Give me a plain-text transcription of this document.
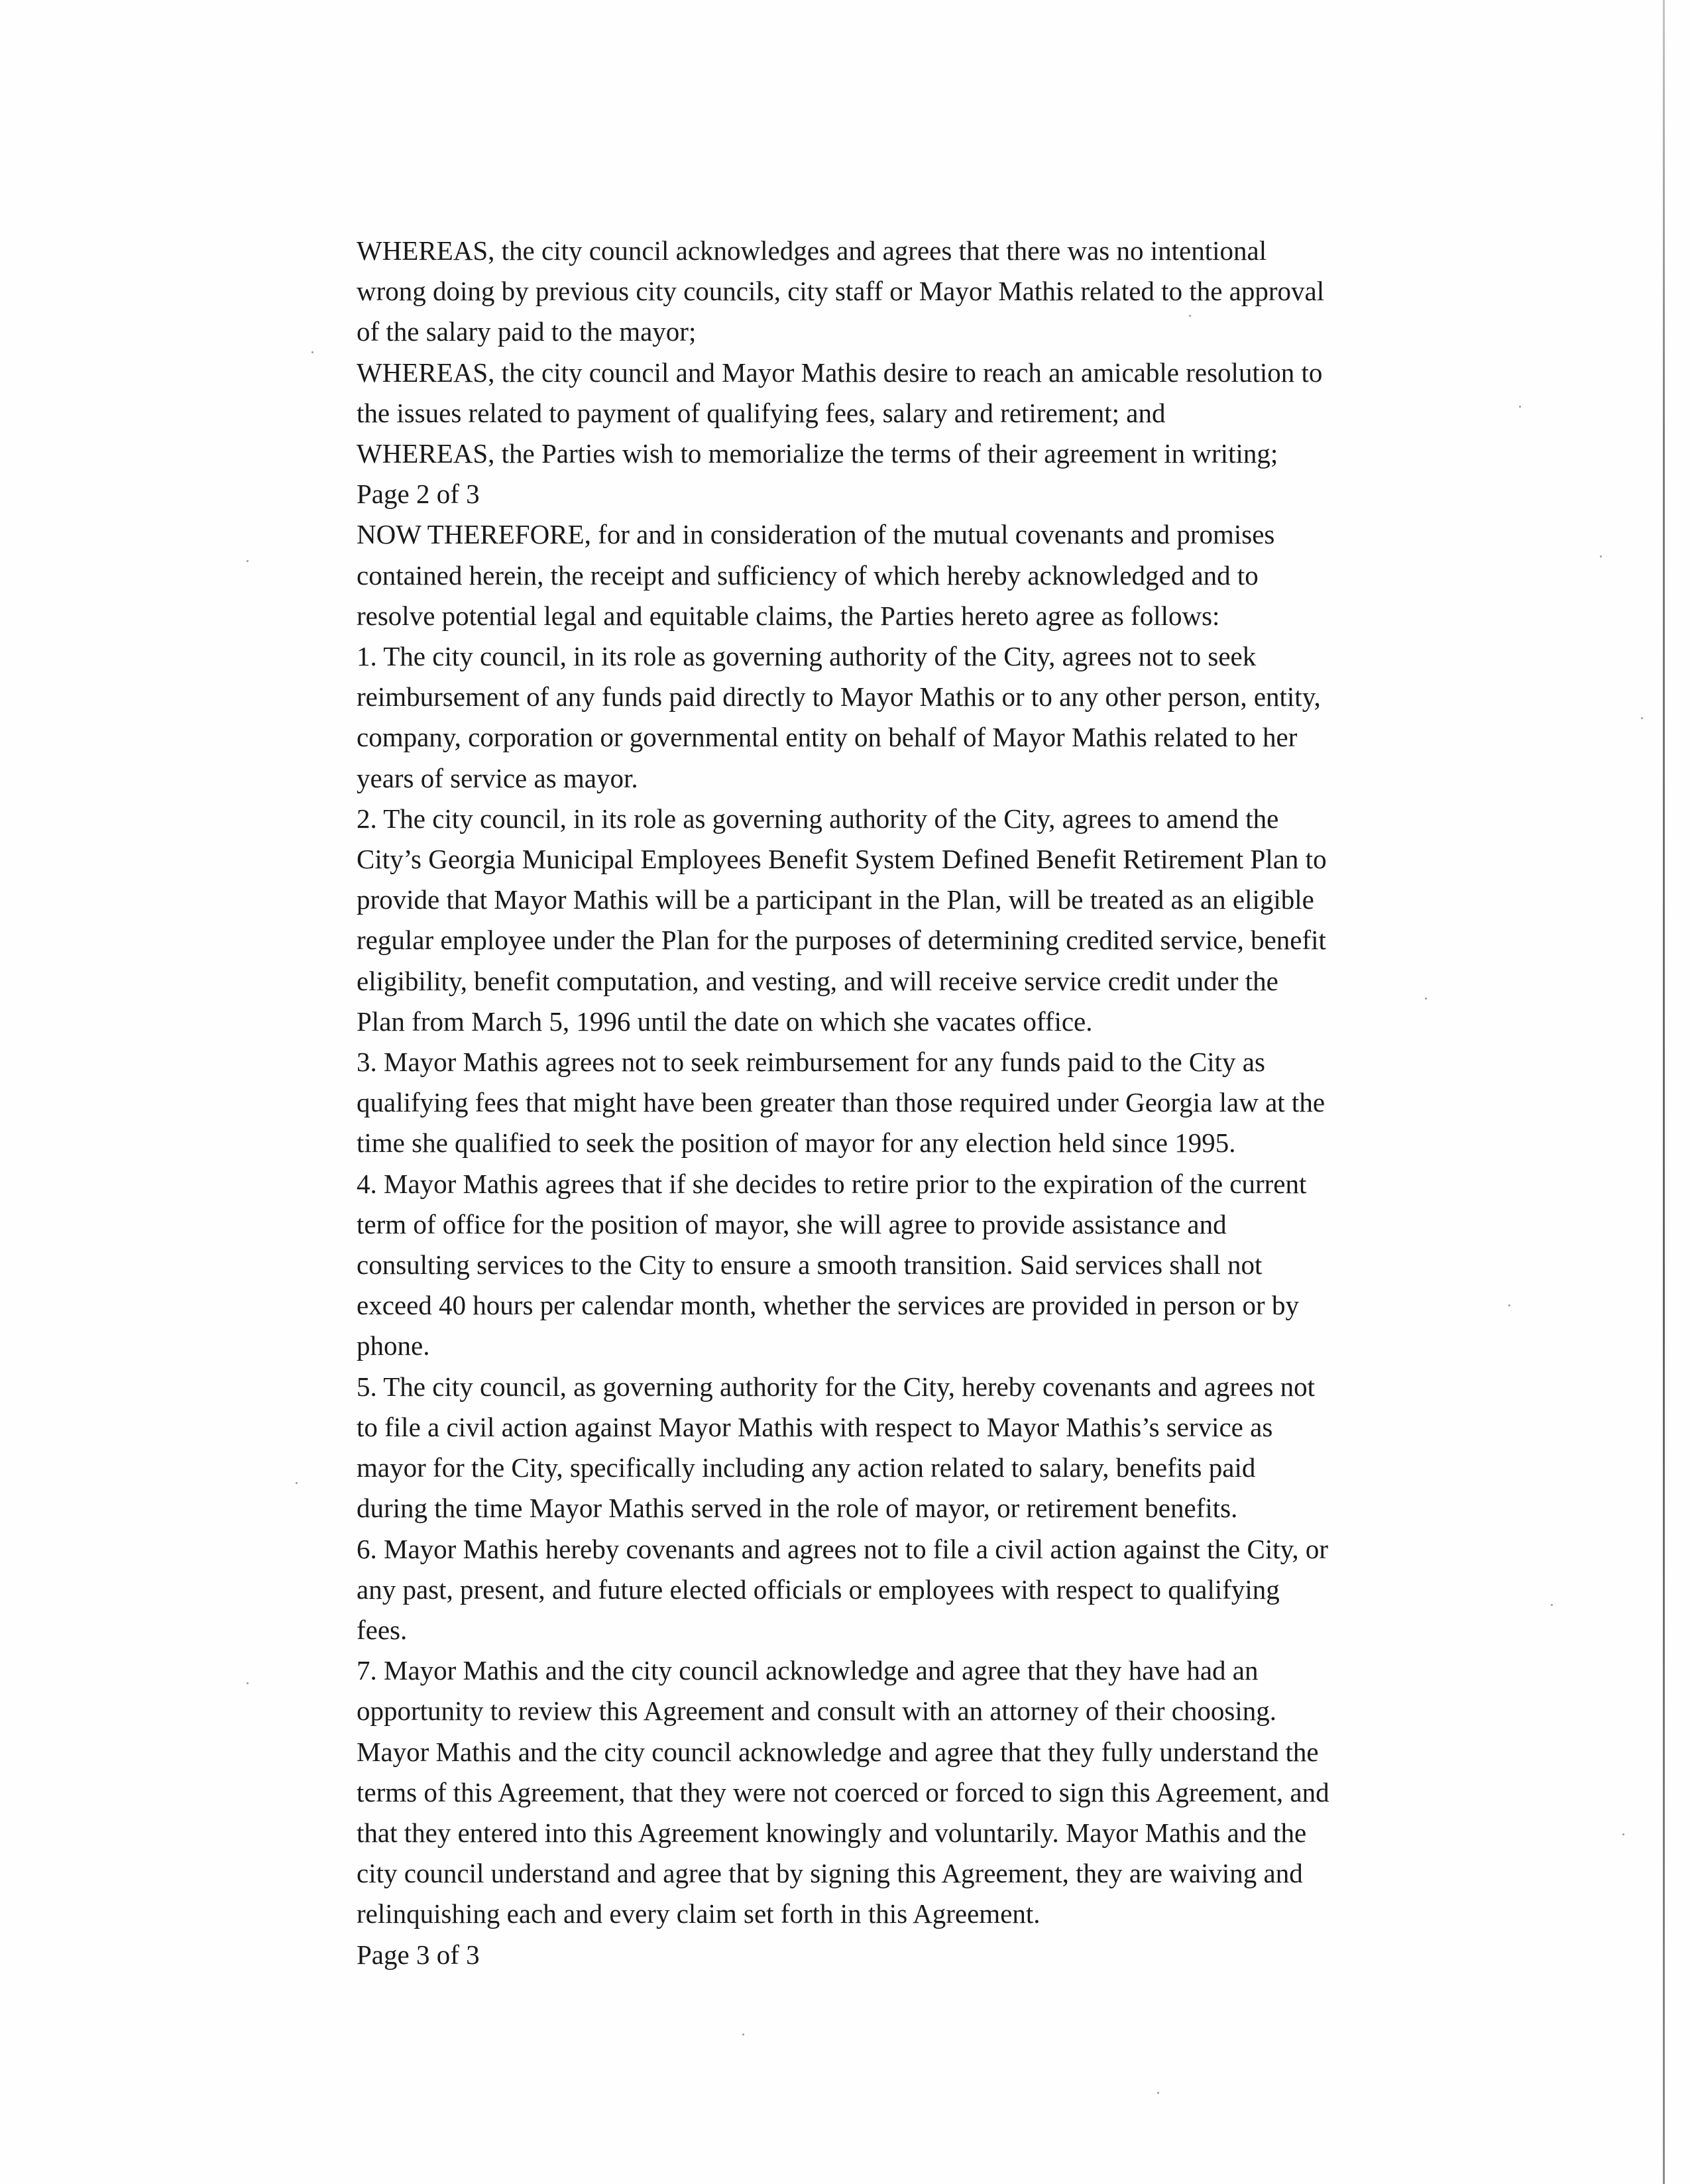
WHEREAS, the city council acknowledges and agrees that there was no intentional
wrong doing by previous city councils, city staff or Mayor Mathis related to the approval
of the salary paid to the mayor;
WHEREAS, the city council and Mayor Mathis desire to reach an amicable resolution to
the issues related to payment of qualifying fees, salary and retirement; and
WHEREAS, the Parties wish to memorialize the terms of their agreement in writing;
Page 2 of 3
NOW THEREFORE, for and in consideration of the mutual covenants and promises
contained herein, the receipt and sufficiency of which hereby acknowledged and to
resolve potential legal and equitable claims, the Parties hereto agree as follows:
1. The city council, in its role as governing authority of the City, agrees not to seek
reimbursement of any funds paid directly to Mayor Mathis or to any other person, entity,
company, corporation or governmental entity on behalf of Mayor Mathis related to her
years of service as mayor.
2. The city council, in its role as governing authority of the City, agrees to amend the
City’s Georgia Municipal Employees Benefit System Defined Benefit Retirement Plan to
provide that Mayor Mathis will be a participant in the Plan, will be treated as an eligible
regular employee under the Plan for the purposes of determining credited service, benefit
eligibility, benefit computation, and vesting, and will receive service credit under the
Plan from March 5, 1996 until the date on which she vacates office.
3. Mayor Mathis agrees not to seek reimbursement for any funds paid to the City as
qualifying fees that might have been greater than those required under Georgia law at the
time she qualified to seek the position of mayor for any election held since 1995.
4. Mayor Mathis agrees that if she decides to retire prior to the expiration of the current
term of office for the position of mayor, she will agree to provide assistance and
consulting services to the City to ensure a smooth transition. Said services shall not
exceed 40 hours per calendar month, whether the services are provided in person or by
phone.
5. The city council, as governing authority for the City, hereby covenants and agrees not
to file a civil action against Mayor Mathis with respect to Mayor Mathis’s service as
mayor for the City, specifically including any action related to salary, benefits paid
during the time Mayor Mathis served in the role of mayor, or retirement benefits.
6. Mayor Mathis hereby covenants and agrees not to file a civil action against the City, or
any past, present, and future elected officials or employees with respect to qualifying
fees.
7. Mayor Mathis and the city council acknowledge and agree that they have had an
opportunity to review this Agreement and consult with an attorney of their choosing.
Mayor Mathis and the city council acknowledge and agree that they fully understand the
terms of this Agreement, that they were not coerced or forced to sign this Agreement, and
that they entered into this Agreement knowingly and voluntarily. Mayor Mathis and the
city council understand and agree that by signing this Agreement, they are waiving and
relinquishing each and every claim set forth in this Agreement.
Page 3 of 3
